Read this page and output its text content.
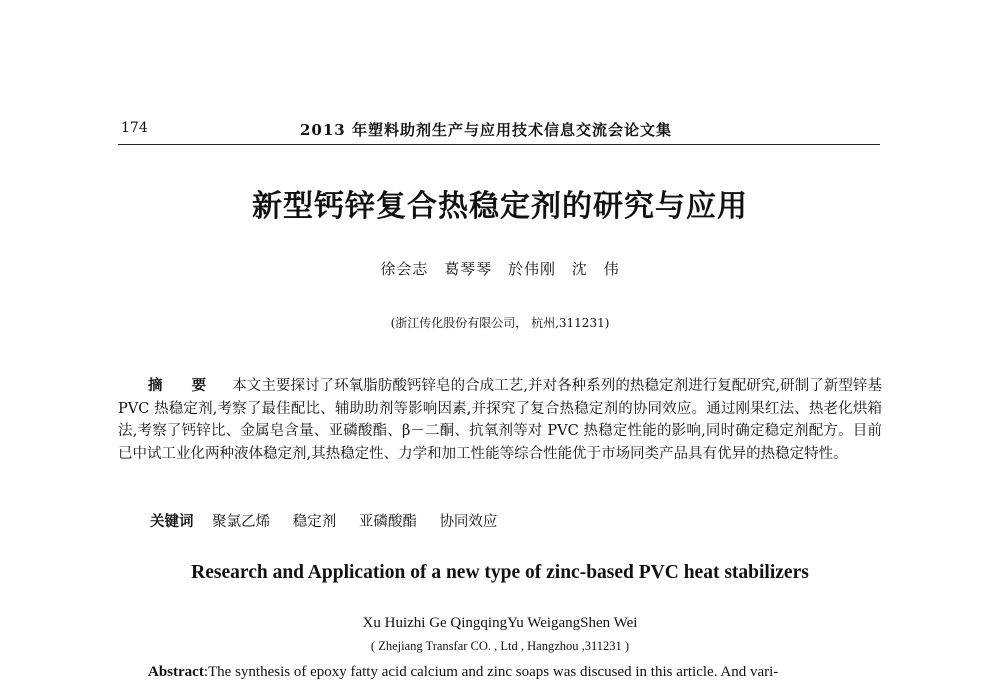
174	2013 年塑料助剂生产与应用技术信息交流会论文集
新型钙锌复合热稳定剂的研究与应用
徐会志 葛琴琴 於伟刚 沈 伟
(浙江传化股份有限公司， 杭州,311231)
摘 要 本文主要探讨了环氧脂肪酸钙锌皂的合成工艺,并对各种系列的热稳定剂进行复配研究,研制了新型锌基 PVC 热稳定剂,考察了最佳配比、辅助助剂等影响因素,并探究了复合热稳定剂的协同效应。通过刚果红法、热老化烘箱法,考察了钙锌比、金属皂含量、亚磷酸酯、β－二酮、抗氧剂等对 PVC 热稳定性能的影响,同时确定稳定剂配方。目前已中试工业化两种液体稳定剂,其热稳定性、力学和加工性能等综合性能优于市场同类产品具有优异的热稳定特性。
关键词 聚氯乙烯 稳定剂 亚磷酸酯 协同效应
Research and Application of a new type of zinc-based PVC heat stabilizers
Xu Huizhi Ge QingqingYu WeigangShen Wei
( Zhejiang Transfar CO. , Ltd , Hangzhou ,311231 )
Abstract:The synthesis of epoxy fatty acid calcium and zinc soaps was discused in this article. And vari-
